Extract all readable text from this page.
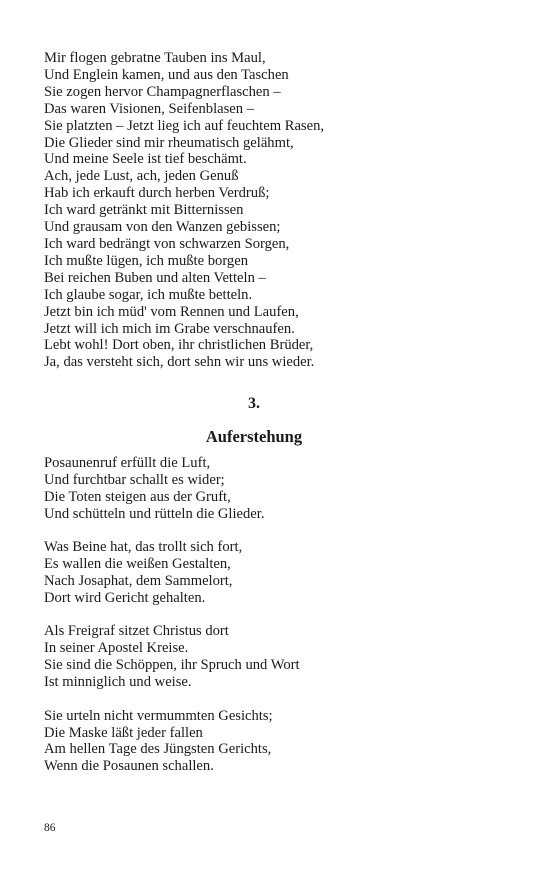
Mir flogen gebratne Tauben ins Maul,
Und Englein kamen, und aus den Taschen
Sie zogen hervor Champagnerflaschen –
Das waren Visionen, Seifenblasen –
Sie platzten – Jetzt lieg ich auf feuchtem Rasen,
Die Glieder sind mir rheumatisch gelähmt,
Und meine Seele ist tief beschämt.
Ach, jede Lust, ach, jeden Genuß
Hab ich erkauft durch herben Verdruß;
Ich ward getränkt mit Bitternissen
Und grausam von den Wanzen gebissen;
Ich ward bedrängt von schwarzen Sorgen,
Ich mußte lügen, ich mußte borgen
Bei reichen Buben und alten Vetteln –
Ich glaube sogar, ich mußte betteln.
Jetzt bin ich müd' vom Rennen und Laufen,
Jetzt will ich mich im Grabe verschnaufen.
Lebt wohl! Dort oben, ihr christlichen Brüder,
Ja, das versteht sich, dort sehn wir uns wieder.
3.
Auferstehung
Posaunenruf erfüllt die Luft,
Und furchtbar schallt es wider;
Die Toten steigen aus der Gruft,
Und schütteln und rütteln die Glieder.
Was Beine hat, das trollt sich fort,
Es wallen die weißen Gestalten,
Nach Josaphat, dem Sammelort,
Dort wird Gericht gehalten.
Als Freigraf sitzet Christus dort
In seiner Apostel Kreise.
Sie sind die Schöppen, ihr Spruch und Wort
Ist minniglich und weise.
Sie urteln nicht vermummten Gesichts;
Die Maske läßt jeder fallen
Am hellen Tage des Jüngsten Gerichts,
Wenn die Posaunen schallen.
86
